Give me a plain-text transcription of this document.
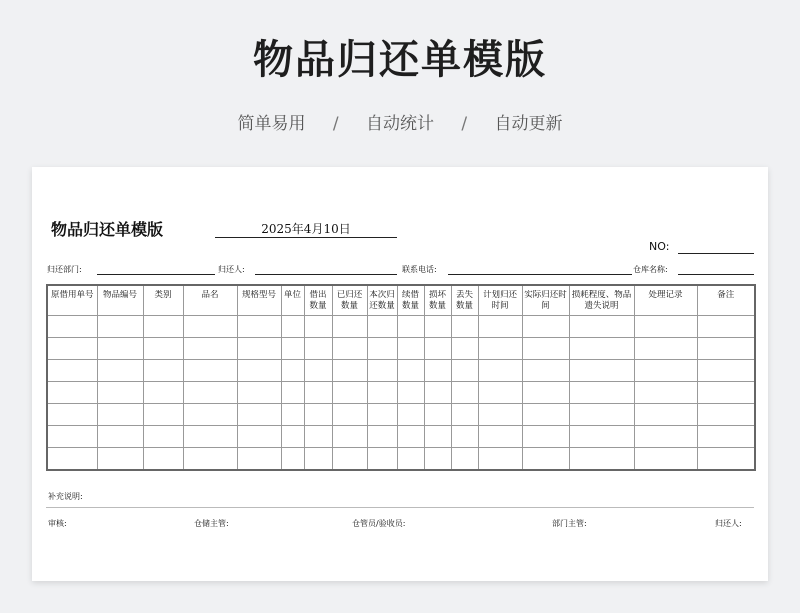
物品归还单模版
简单易用 / 自动统计 / 自动更新
物品归还单模版	2025年4月10日
NO:
归还部门:	归还人:	联系电话:	仓库名称:
原借用单号	物品编号	类别	品名	规格型号	单位	借出数量	已归还数量	本次归还数量	续借数量	损坏数量	丢失数量	计划归还时间	实际归还时间	损耗程度、物品遗失说明	处理记录	备注

补充说明:
审核:	仓储主管:	仓管员/验收员:	部门主管:	归还人:
